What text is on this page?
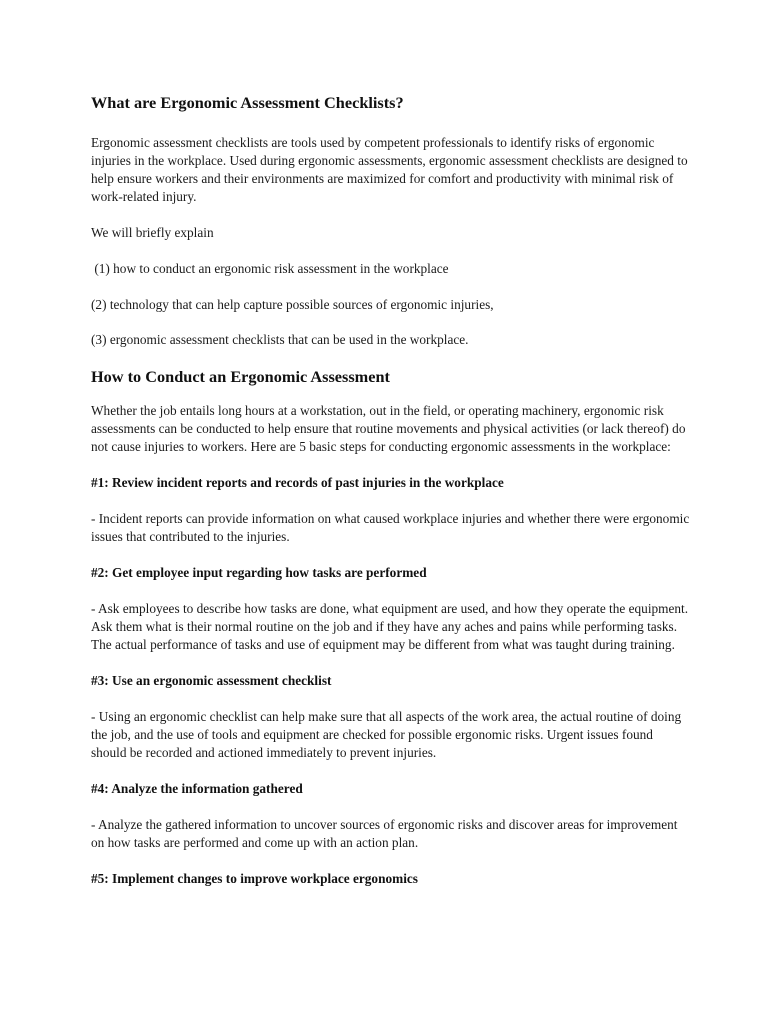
What are Ergonomic Assessment Checklists?

Ergonomic assessment checklists are tools used by competent professionals to identify risks of ergonomic injuries in the workplace. Used during ergonomic assessments, ergonomic assessment checklists are designed to help ensure workers and their environments are maximized for comfort and productivity with minimal risk of work-related injury.

We will briefly explain

(1) how to conduct an ergonomic risk assessment in the workplace

(2) technology that can help capture possible sources of ergonomic injuries,

(3) ergonomic assessment checklists that can be used in the workplace.

How to Conduct an Ergonomic Assessment

Whether the job entails long hours at a workstation, out in the field, or operating machinery, ergonomic risk assessments can be conducted to help ensure that routine movements and physical activities (or lack thereof) do not cause injuries to workers. Here are 5 basic steps for conducting ergonomic assessments in the workplace:

#1: Review incident reports and records of past injuries in the workplace

- Incident reports can provide information on what caused workplace injuries and whether there were ergonomic issues that contributed to the injuries.

#2: Get employee input regarding how tasks are performed

- Ask employees to describe how tasks are done, what equipment are used, and how they operate the equipment. Ask them what is their normal routine on the job and if they have any aches and pains while performing tasks. The actual performance of tasks and use of equipment may be different from what was taught during training.

#3: Use an ergonomic assessment checklist

- Using an ergonomic checklist can help make sure that all aspects of the work area, the actual routine of doing the job, and the use of tools and equipment are checked for possible ergonomic risks. Urgent issues found should be recorded and actioned immediately to prevent injuries.

#4: Analyze the information gathered

- Analyze the gathered information to uncover sources of ergonomic risks and discover areas for improvement on how tasks are performed and come up with an action plan.

#5: Implement changes to improve workplace ergonomics
